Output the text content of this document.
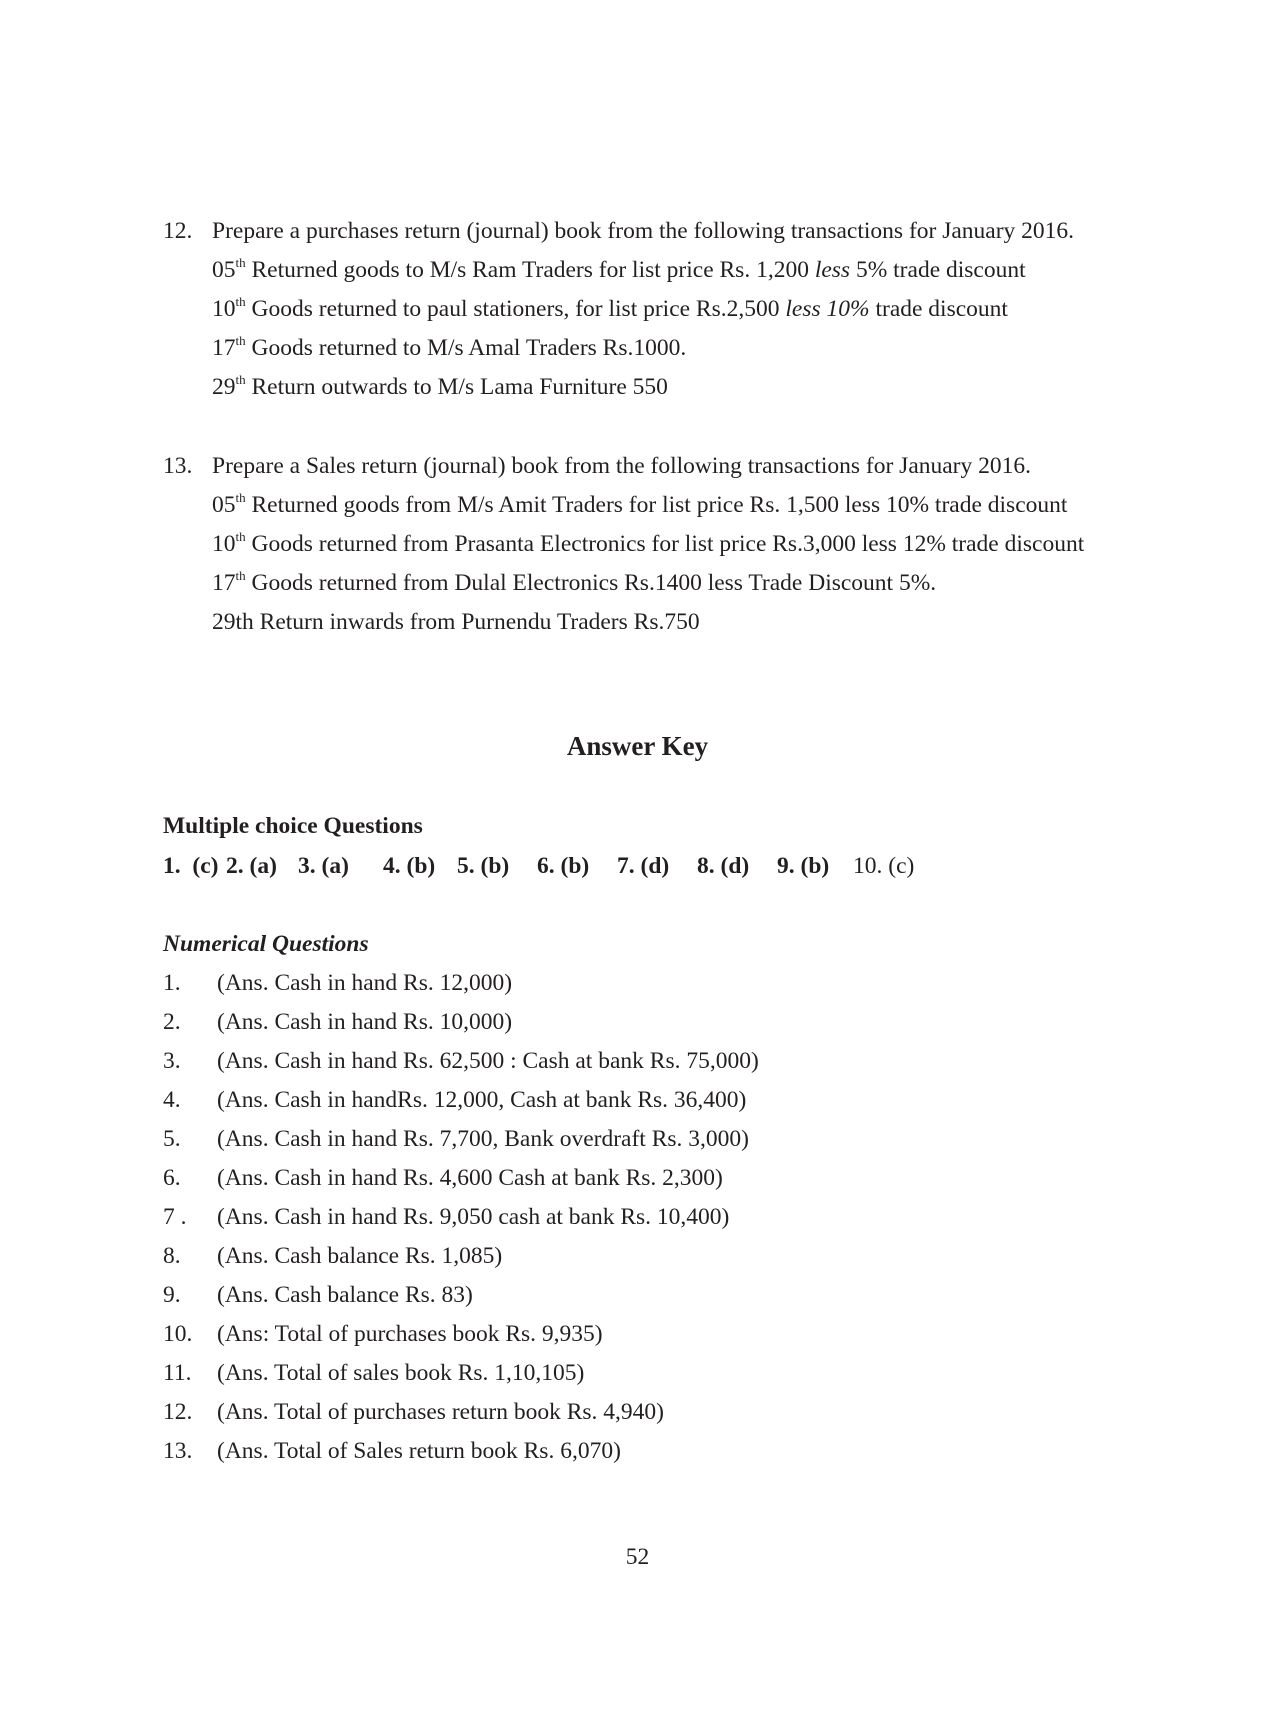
12. Prepare a purchases return (journal) book from the following transactions for January 2016.
05th Returned goods to M/s Ram Traders for list price Rs. 1,200 less 5% trade discount
10th Goods returned to paul stationers, for list price Rs.2,500 less 10% trade discount
17th Goods returned to M/s Amal Traders Rs.1000.
29th Return outwards to M/s Lama Furniture 550
13. Prepare a Sales return (journal) book from the following transactions for January 2016.
05th Returned goods from M/s Amit Traders for list price Rs. 1,500 less 10% trade discount
10th Goods returned from Prasanta Electronics for list price Rs.3,000 less 12% trade discount
17th Goods returned from Dulal Electronics Rs.1400 less Trade Discount 5%.
29th Return inwards from Purnendu Traders Rs.750
Answer Key
Multiple choice Questions
1.  (c) 2. (a) 3. (a) 4. (b) 5. (b) 6. (b) 7. (d) 8. (d) 9. (b) 10. (c)
Numerical Questions
1. (Ans. Cash in hand Rs. 12,000)
2. (Ans. Cash in hand Rs. 10,000)
3. (Ans. Cash in hand Rs. 62,500 : Cash at bank Rs. 75,000)
4. (Ans. Cash in handRs. 12,000, Cash at bank Rs. 36,400)
5. (Ans. Cash in hand Rs. 7,700, Bank overdraft Rs. 3,000)
6. (Ans. Cash in hand Rs. 4,600 Cash at bank Rs. 2,300)
7 . (Ans. Cash in hand Rs. 9,050 cash at bank Rs. 10,400)
8. (Ans. Cash balance Rs. 1,085)
9. (Ans. Cash balance Rs. 83)
10. (Ans: Total of purchases book Rs. 9,935)
11. (Ans. Total of sales book Rs. 1,10,105)
12. (Ans. Total of purchases return book Rs. 4,940)
13. (Ans. Total of Sales return book Rs. 6,070)
52
